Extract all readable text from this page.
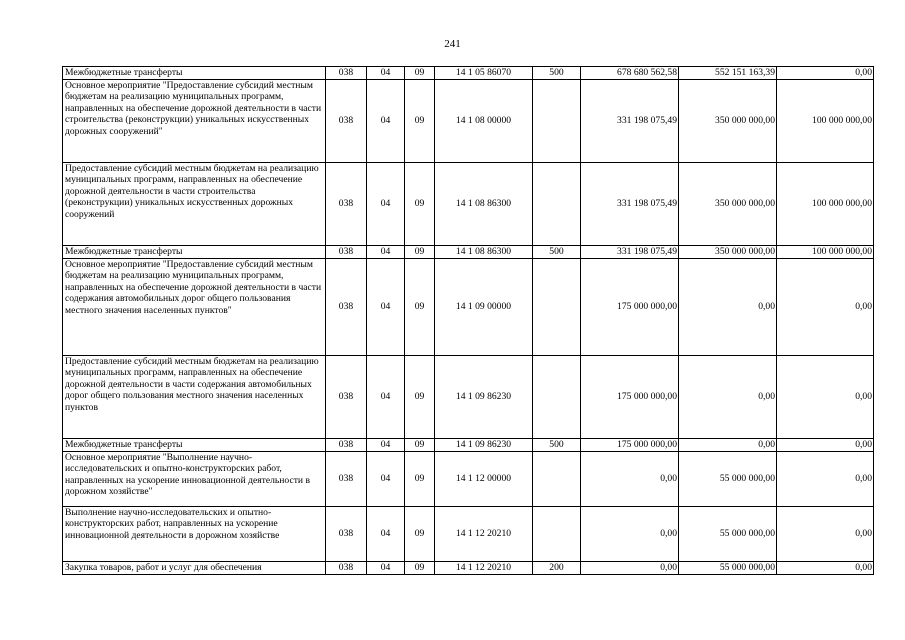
241
Межбюджетные трансферты	038	04	09	14 1 05 86070	500	678 680 562,58	552 151 163,39	0,00
Основное мероприятие "Предоставление субсидий местным бюджетам на реализацию муниципальных программ, направленных на обеспечение дорожной деятельности в части строительства (реконструкции) уникальных искусственных дорожных сооружений"	038	04	09	14 1 08 00000		331 198 075,49	350 000 000,00	100 000 000,00
Предоставление субсидий местным бюджетам на реализацию муниципальных программ, направленных на обеспечение дорожной деятельности в части строительства (реконструкции) уникальных искусственных дорожных сооружений	038	04	09	14 1 08 86300		331 198 075,49	350 000 000,00	100 000 000,00
Межбюджетные трансферты	038	04	09	14 1 08 86300	500	331 198 075,49	350 000 000,00	100 000 000,00
Основное мероприятие "Предоставление субсидий местным бюджетам на реализацию муниципальных программ, направленных на обеспечение дорожной деятельности в части содержания автомобильных дорог общего пользования местного значения населенных пунктов"	038	04	09	14 1 09 00000		175 000 000,00	0,00	0,00
Предоставление субсидий местным бюджетам на реализацию муниципальных программ, направленных на обеспечение дорожной деятельности в части содержания автомобильных дорог общего пользования местного значения населенных пунктов	038	04	09	14 1 09 86230		175 000 000,00	0,00	0,00
Межбюджетные трансферты	038	04	09	14 1 09 86230	500	175 000 000,00	0,00	0,00
Основное мероприятие "Выполнение научно-исследовательских и опытно-конструкторских работ, направленных на ускорение инновационной деятельности в дорожном хозяйстве"	038	04	09	14 1 12 00000		0,00	55 000 000,00	0,00
Выполнение научно-исследовательских и опытно-конструкторских работ, направленных на ускорение инновационной деятельности в дорожном хозяйстве	038	04	09	14 1 12 20210		0,00	55 000 000,00	0,00
Закупка товаров, работ и услуг для обеспечения	038	04	09	14 1 12 20210	200	0,00	55 000 000,00	0,00
